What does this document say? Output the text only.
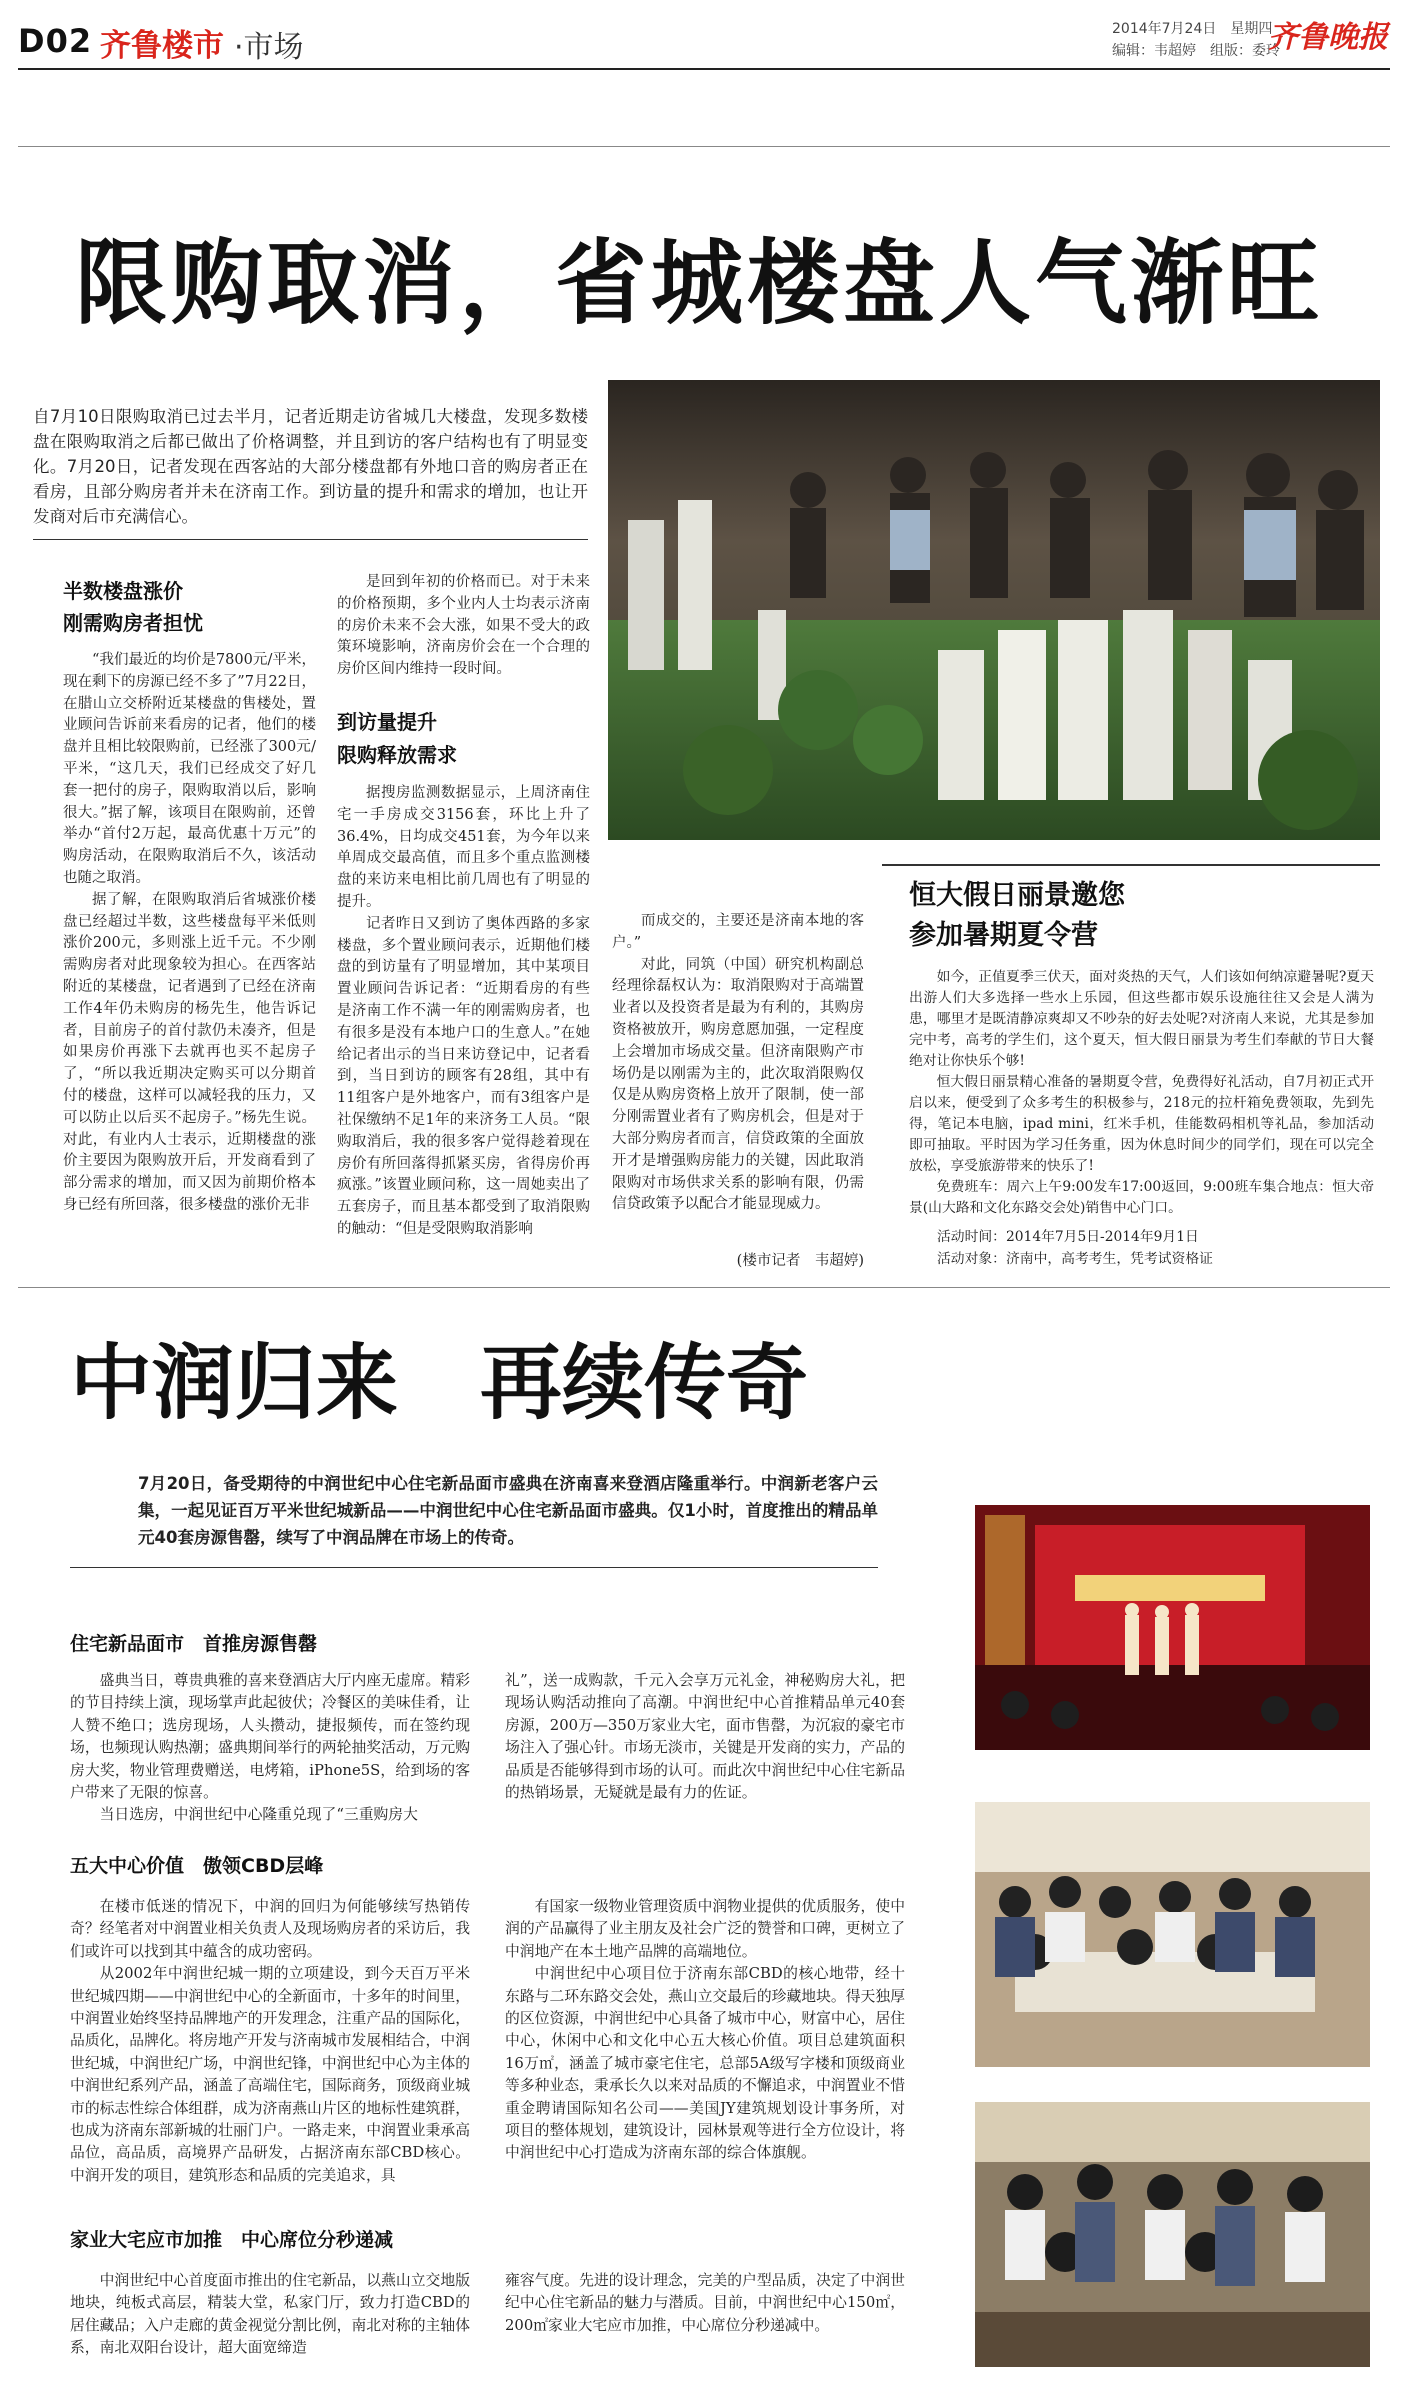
D02 齐鲁楼市 ·市场
2014年7月24日　星期四
编辑：韦超婷　组版：委玲
齐鲁晚报
限购取消，省城楼盘人气渐旺
自7月10日限购取消已过去半月，记者近期走访省城几大楼盘，发现多数楼盘在限购取消之后都已做出了价格调整，并且到访的客户结构也有了明显变化。7月20日，记者发现在西客站的大部分楼盘都有外地口音的购房者正在看房，且部分购房者并未在济南工作。到访量的提升和需求的增加，也让开发商对后市充满信心。
半数楼盘涨价
刚需购房者担忧

“我们最近的均价是7800元/平米，现在剩下的房源已经不多了”7月22日，在腊山立交桥附近某楼盘的售楼处，置业顾问告诉前来看房的记者，他们的楼盘并且相比较限购前，已经涨了300元/平米，“这几天，我们已经成交了好几套一把付的房子，限购取消以后，影响很大。”据了解，该项目在限购前，还曾举办“首付2万起，最高优惠十万元”的购房活动，在限购取消后不久，该活动也随之取消。

据了解，在限购取消后省城涨价楼盘已经超过半数，这些楼盘每平米低则涨价200元，多则涨上近千元。不少刚需购房者对此现象较为担心。在西客站附近的某楼盘，记者遇到了已经在济南工作4年仍未购房的杨先生，他告诉记者，目前房子的首付款仍未凑齐，但是如果房价再涨下去就再也买不起房子了，“所以我近期决定购买可以分期首付的楼盘，这样可以减轻我的压力，又可以防止以后买不起房子。”杨先生说。对此，有业内人士表示，近期楼盘的涨价主要因为限购放开后，开发商看到了部分需求的增加，而又因为前期价格本身已经有所回落，很多楼盘的涨价无非

是回到年初的价格而已。对于未来的价格预期，多个业内人士均表示济南的房价未来不会大涨，如果不受大的政策环境影响，济南房价会在一个合理的房价区间内维持一段时间。

到访量提升
限购释放需求

据搜房监测数据显示，上周济南住宅一手房成交3156套，环比上升了36.4%，日均成交451套，为今年以来单周成交最高值，而且多个重点监测楼盘的来访来电相比前几周也有了明显的提升。

记者昨日又到访了奥体西路的多家楼盘，多个置业顾问表示，近期他们楼盘的到访量有了明显增加，其中某项目置业顾问告诉记者：“近期看房的有些是济南工作不满一年的刚需购房者，也有很多是没有本地户口的生意人。”在她给记者出示的当日来访登记中，记者看到，当日到访的顾客有28组，其中有11组客户是外地客户，而有3组客户是社保缴纳不足1年的来济务工人员。“限购取消后，我的很多客户觉得趁着现在房价有所回落得抓紧买房，省得房价再疯涨。”该置业顾问称，这一周她卖出了五套房子，而且基本都受到了取消限购的触动：“但是受限购取消影响

而成交的，主要还是济南本地的客户。”

对此，同筑（中国）研究机构副总经理徐磊权认为：取消限购对于高端置业者以及投资者是最为有利的，其购房资格被放开，购房意愿加强，一定程度上会增加市场成交量。但济南限购产市场仍是以刚需为主的，此次取消限购仅仅是从购房资格上放开了限制，使一部分刚需置业者有了购房机会，但是对于大部分购房者而言，信贷政策的全面放开才是增强购房能力的关键，因此取消限购对市场供求关系的影响有限，仍需信贷政策予以配合才能显现威力。

(楼市记者　韦超婷)
恒大假日丽景邀您
参加暑期夏令营

如今，正值夏季三伏天，面对炎热的天气，人们该如何纳凉避暑呢?夏天出游人们大多选择一些水上乐园，但这些都市娱乐设施往往又会是人满为患，哪里才是既清静凉爽却又不吵杂的好去处呢?对济南人来说，尤其是参加完中考，高考的学生们，这个夏天，恒大假日丽景为考生们奉献的节日大餐绝对让你快乐个够!

恒大假日丽景精心准备的暑期夏令营，免费得好礼活动，自7月初正式开启以来，便受到了众多考生的积极参与，218元的拉杆箱免费领取，先到先得，笔记本电脑，ipad mini，红米手机，佳能数码相机等礼品，参加活动即可抽取。平时因为学习任务重，因为休息时间少的同学们，现在可以完全放松，享受旅游带来的快乐了!

免费班车：周六上午9:00发车17:00返回，9:00班车集合地点：恒大帝景(山大路和文化东路交会处)销售中心门口。

活动时间：2014年7月5日-2014年9月1日
活动对象：济南中，高考考生，凭考试资格证
中润归来　再续传奇
7月20日，备受期待的中润世纪中心住宅新品面市盛典在济南喜来登酒店隆重举行。中润新老客户云集，一起见证百万平米世纪城新品——中润世纪中心住宅新品面市盛典。仅1小时，首度推出的精品单元40套房源售罄，续写了中润品牌在市场上的传奇。
住宅新品面市　首推房源售罄

盛典当日，尊贵典雅的喜来登酒店大厅内座无虚席。精彩的节目持续上演，现场掌声此起彼伏；冷餐区的美味佳肴，让人赞不绝口；选房现场，人头攒动，捷报频传，而在签约现场，也频现认购热潮；盛典期间举行的两轮抽奖活动，万元购房大奖，物业管理费赠送，电烤箱，iPhone5S，给到场的客户带来了无限的惊喜。

当日选房，中润世纪中心隆重兑现了“三重购房大

礼”，送一成购款，千元入会享万元礼金，神秘购房大礼，把现场认购活动推向了高潮。中润世纪中心首推精品单元40套房源，200万—350万家业大宅，面市售罄，为沉寂的豪宅市场注入了强心针。市场无淡市，关键是开发商的实力，产品的品质是否能够得到市场的认可。而此次中润世纪中心住宅新品的热销场景，无疑就是最有力的佐证。

五大中心价值　傲领CBD层峰

在楼市低迷的情况下，中润的回归为何能够续写热销传奇？经笔者对中润置业相关负责人及现场购房者的采访后，我们或许可以找到其中蕴含的成功密码。

从2002年中润世纪城一期的立项建设，到今天百万平米世纪城四期——中润世纪中心的全新面市，十多年的时间里，中润置业始终坚持品牌地产的开发理念，注重产品的国际化，品质化，品牌化。将房地产开发与济南城市发展相结合，中润世纪城，中润世纪广场，中润世纪锋，中润世纪中心为主体的中润世纪系列产品，涵盖了高端住宅，国际商务，顶级商业城市的标志性综合体组群，成为济南燕山片区的地标性建筑群，也成为济南东部新城的壮丽门户。一路走来，中润置业秉承高品位，高品质，高境界产品研发，占据济南东部CBD核心。中润开发的项目，建筑形态和品质的完美追求，具

有国家一级物业管理资质中润物业提供的优质服务，使中润的产品赢得了业主朋友及社会广泛的赞誉和口碑，更树立了中润地产在本土地产品牌的高端地位。

中润世纪中心项目位于济南东部CBD的核心地带，经十东路与二环东路交会处，燕山立交最后的珍藏地块。得天独厚的区位资源，中润世纪中心具备了城市中心，财富中心，居住中心，休闲中心和文化中心五大核心价值。项目总建筑面积16万㎡，涵盖了城市豪宅住宅，总部5A级写字楼和顶级商业等多种业态，秉承长久以来对品质的不懈追求，中润置业不惜重金聘请国际知名公司——美国JY建筑规划设计事务所，对项目的整体规划，建筑设计，园林景观等进行全方位设计，将中润世纪中心打造成为济南东部的综合体旗舰。

家业大宅应市加推　中心席位分秒递减

中润世纪中心首度面市推出的住宅新品，以燕山立交地版地块，纯板式高层，精装大堂，私家门厅，致力打造CBD的居住藏品；入户走廊的黄金视觉分割比例，南北对称的主轴体系，南北双阳台设计，超大面宽缔造

雍容气度。先进的设计理念，完美的户型品质，决定了中润世纪中心住宅新品的魅力与潜质。目前，中润世纪中心150㎡，200㎡家业大宅应市加推，中心席位分秒递减中。
